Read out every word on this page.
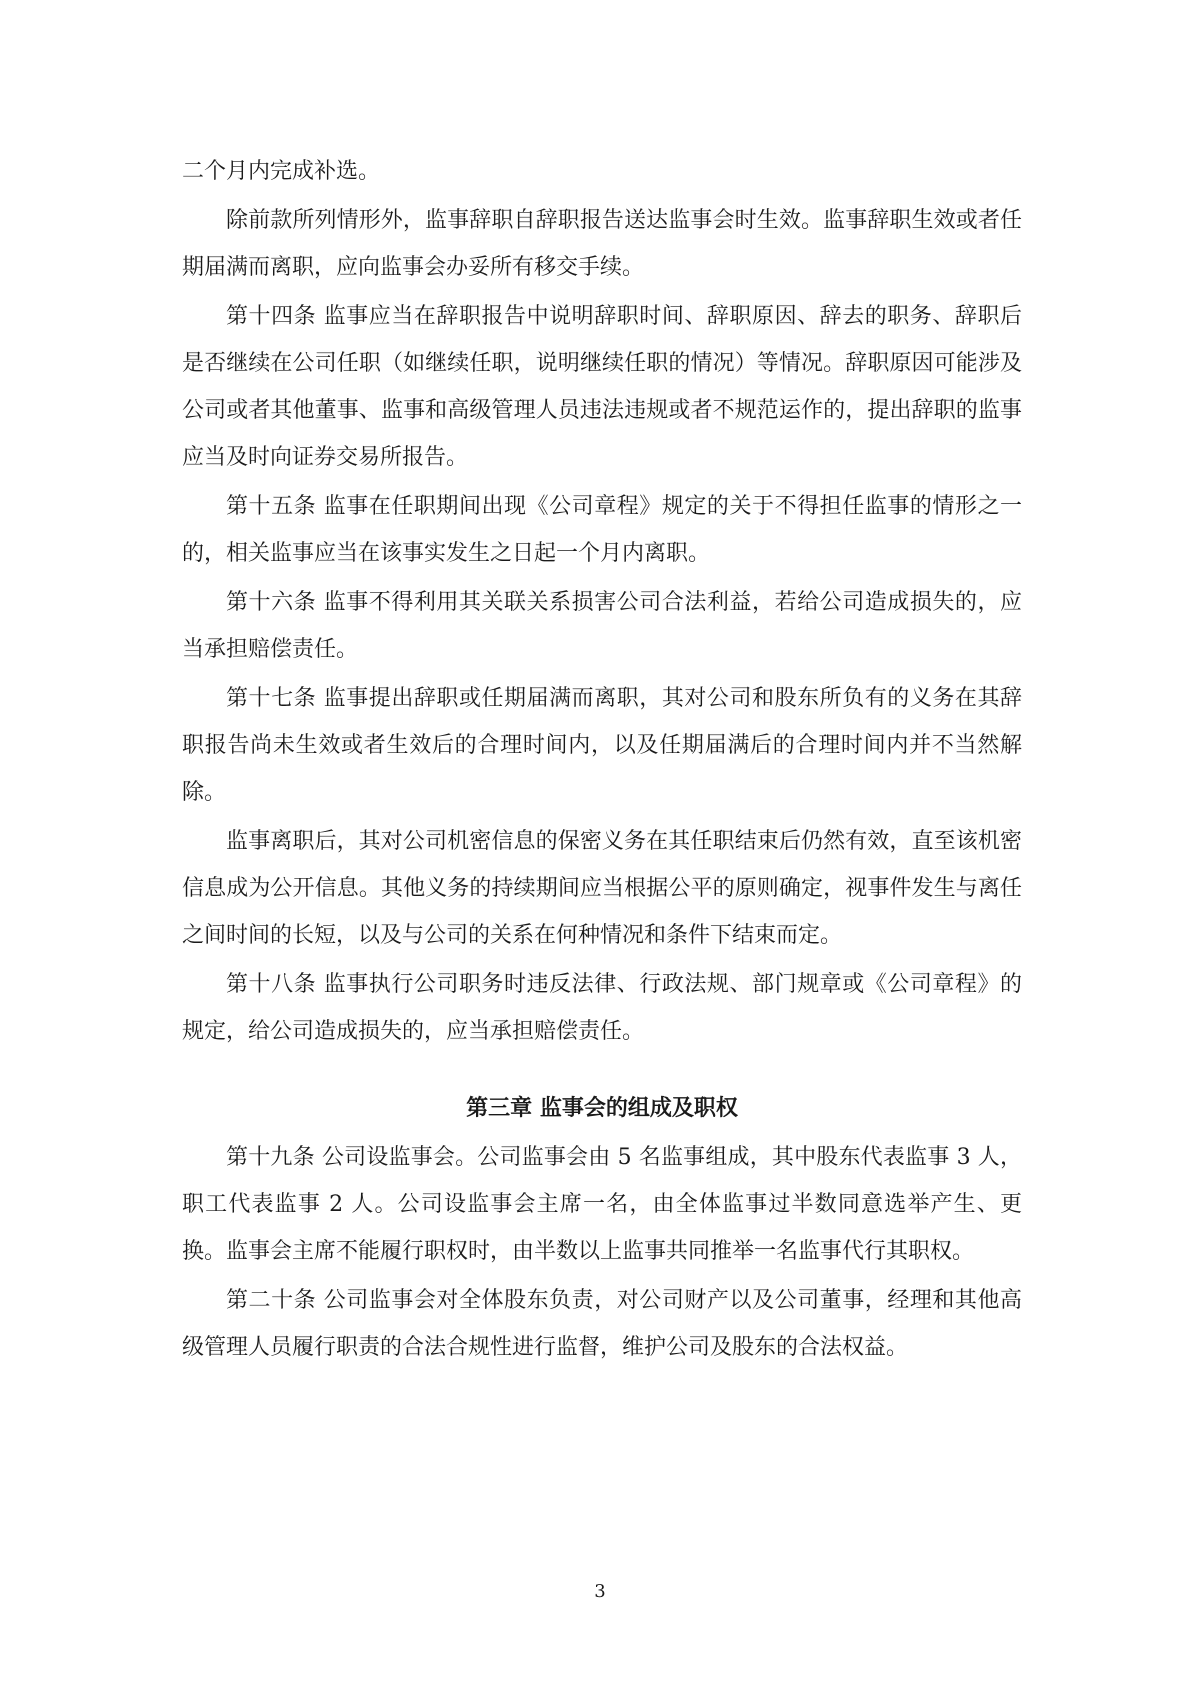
二个月内完成补选。

除前款所列情形外，监事辞职自辞职报告送达监事会时生效。监事辞职生效或者任期届满而离职，应向监事会办妥所有移交手续。

第十四条 监事应当在辞职报告中说明辞职时间、辞职原因、辞去的职务、辞职后是否继续在公司任职（如继续任职，说明继续任职的情况）等情况。辞职原因可能涉及公司或者其他董事、监事和高级管理人员违法违规或者不规范运作的，提出辞职的监事应当及时向证券交易所报告。

第十五条 监事在任职期间出现《公司章程》规定的关于不得担任监事的情形之一的，相关监事应当在该事实发生之日起一个月内离职。

第十六条 监事不得利用其关联关系损害公司合法利益，若给公司造成损失的，应当承担赔偿责任。

第十七条 监事提出辞职或任期届满而离职，其对公司和股东所负有的义务在其辞职报告尚未生效或者生效后的合理时间内，以及任期届满后的合理时间内并不当然解除。

监事离职后，其对公司机密信息的保密义务在其任职结束后仍然有效，直至该机密信息成为公开信息。其他义务的持续期间应当根据公平的原则确定，视事件发生与离任之间时间的长短，以及与公司的关系在何种情况和条件下结束而定。

第十八条 监事执行公司职务时违反法律、行政法规、部门规章或《公司章程》的规定，给公司造成损失的，应当承担赔偿责任。

第三章 监事会的组成及职权

第十九条 公司设监事会。公司监事会由 5 名监事组成，其中股东代表监事 3 人，职工代表监事 2 人。公司设监事会主席一名，由全体监事过半数同意选举产生、更换。监事会主席不能履行职权时，由半数以上监事共同推举一名监事代行其职权。

第二十条 公司监事会对全体股东负责，对公司财产以及公司董事，经理和其他高级管理人员履行职责的合法合规性进行监督，维护公司及股东的合法权益。

3
